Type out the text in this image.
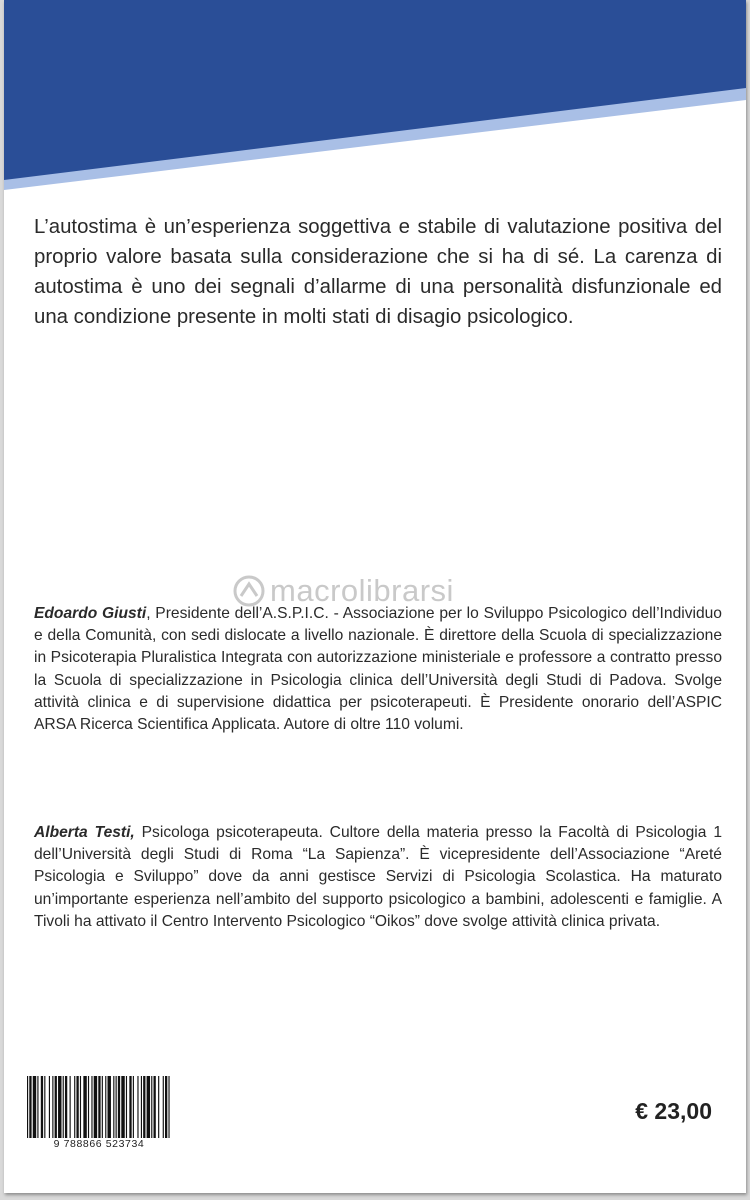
L’autostima è un’esperienza soggettiva e stabile di valutazione positiva del proprio valore basata sulla considerazione che si ha di sé. La carenza di autostima è uno dei segnali d’allarme di una personalità disfunzionale ed una condizione presente in molti stati di disagio psicologico.

macrolibrarsi

Edoardo Giusti, Presidente dell’A.S.P.I.C. - Associazione per lo Sviluppo Psicologico dell’Individuo e della Comunità, con sedi dislocate a livello nazionale. È direttore della Scuola di specializzazione in Psicoterapia Pluralistica Integrata con autorizzazione ministeriale e professore a contratto presso la Scuola di specializzazione in Psicologia clinica dell’Università degli Studi di Padova. Svolge attività clinica e di supervisione didattica per psicoterapeuti. È Presidente onorario dell’ASPIC ARSA Ricerca Scientifica Applicata. Autore di oltre 110 volumi.

Alberta Testi, Psicologa psicoterapeuta. Cultore della materia presso la Facoltà di Psicologia 1 dell’Università degli Studi di Roma “La Sapienza”. È vicepresidente dell’Associazione “Areté Psicologia e Sviluppo” dove da anni gestisce Servizi di Psicologia Scolastica. Ha maturato un’importante esperienza nell’ambito del supporto psicologico a bambini, adolescenti e famiglie. A Tivoli ha attivato il Centro Intervento Psicologico “Oikos” dove svolge attività clinica privata.

9 788866 523734
€ 23,00
